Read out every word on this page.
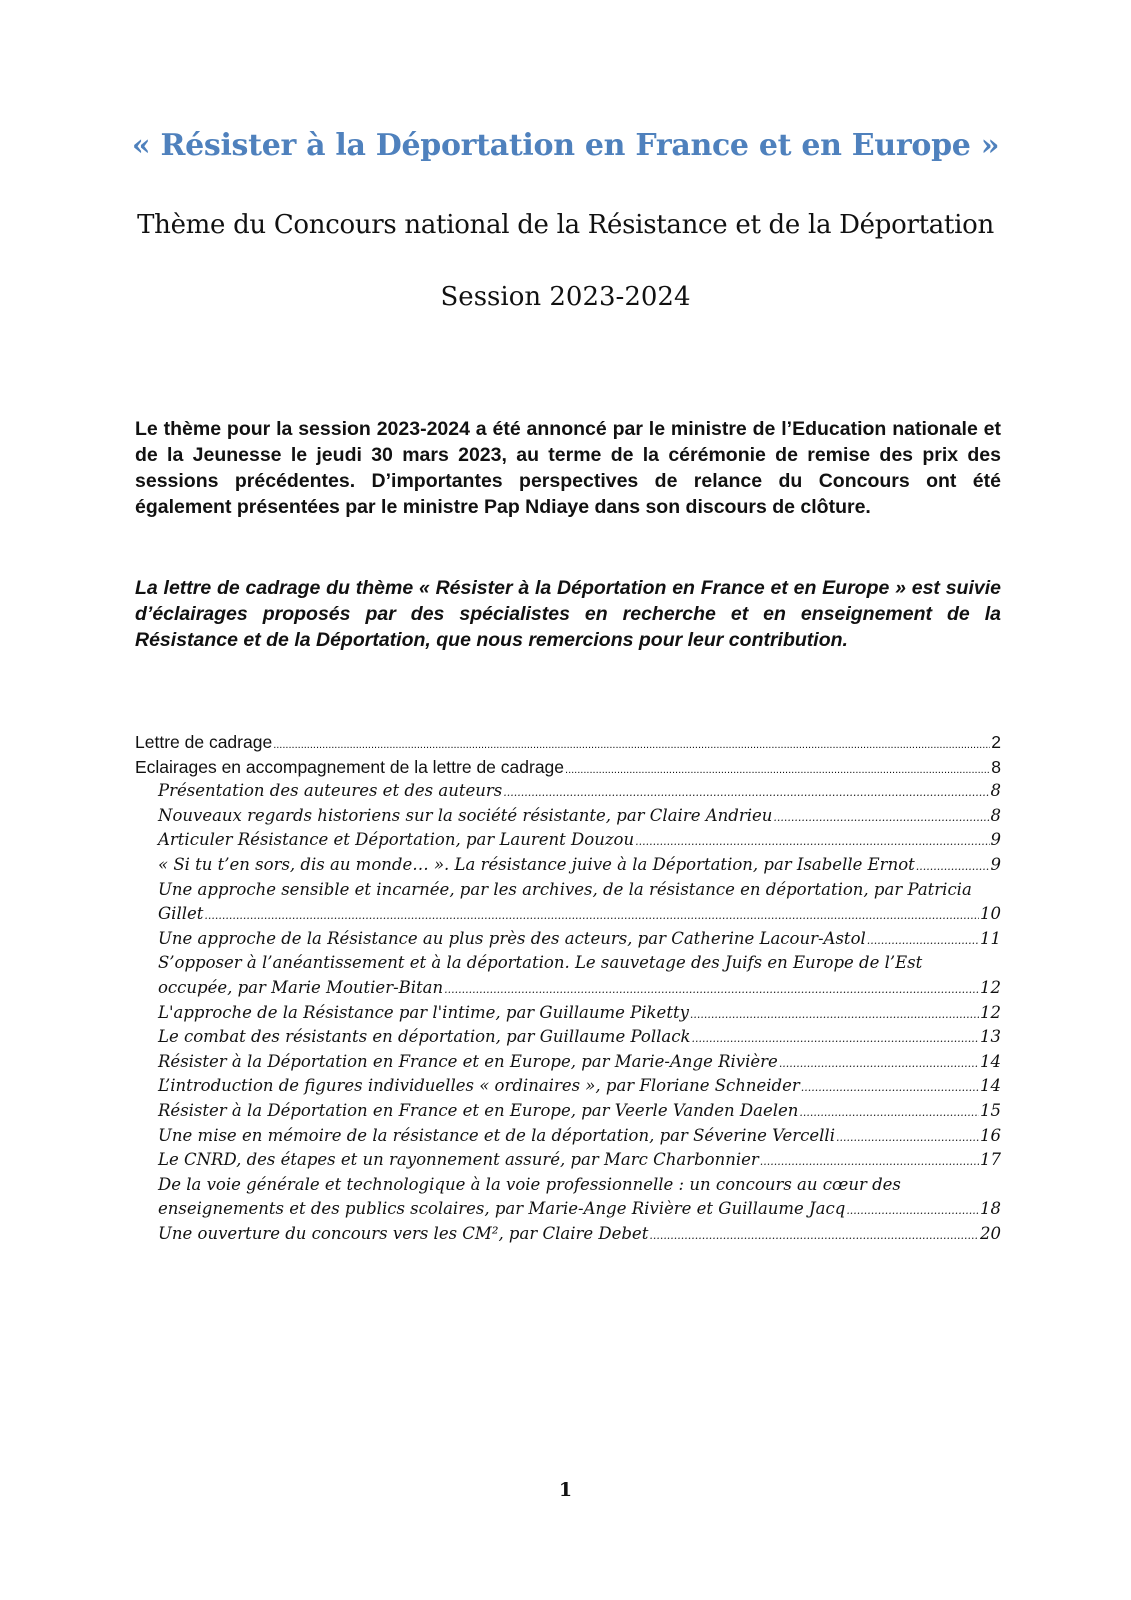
« Résister à la Déportation en France et en Europe »
Thème du Concours national de la Résistance et de la Déportation
Session 2023-2024

Le thème pour la session 2023-2024 a été annoncé par le ministre de l’Education nationale et de la Jeunesse le jeudi 30 mars 2023, au terme de la cérémonie de remise des prix des sessions précédentes. D’importantes perspectives de relance du Concours ont été également présentées par le ministre Pap Ndiaye dans son discours de clôture.

La lettre de cadrage du thème « Résister à la Déportation en France et en Europe » est suivie d’éclairages proposés par des spécialistes en recherche et en enseignement de la Résistance et de la Déportation, que nous remercions pour leur contribution.

Lettre de cadrage .....	2
Eclairages en accompagnement de la lettre de cadrage .....	8
Présentation des auteures et des auteurs .....	8
Nouveaux regards historiens sur la société résistante, par Claire Andrieu .....	8
Articuler Résistance et Déportation, par Laurent Douzou .....	9
« Si tu t’en sors, dis au monde… ». La résistance juive à la Déportation, par Isabelle Ernot .....	9
Une approche sensible et incarnée, par les archives, de la résistance en déportation, par Patricia
Gillet .....	10
Une approche de la Résistance au plus près des acteurs, par Catherine Lacour-Astol .....	11
S’opposer à l’anéantissement et à la déportation. Le sauvetage des Juifs en Europe de l’Est
occupée, par Marie Moutier-Bitan .....	12
L'approche de la Résistance par l'intime, par Guillaume Piketty .....	12
Le combat des résistants en déportation, par Guillaume Pollack .....	13
Résister à la Déportation en France et en Europe, par Marie-Ange Rivière .....	14
L’introduction de figures individuelles « ordinaires », par Floriane Schneider .....	14
Résister à la Déportation en France et en Europe, par Veerle Vanden Daelen .....	15
Une mise en mémoire de la résistance et de la déportation, par Séverine Vercelli .....	16
Le CNRD, des étapes et un rayonnement assuré, par Marc Charbonnier .....	17
De la voie générale et technologique à la voie professionnelle : un concours au cœur des
enseignements et des publics scolaires, par Marie-Ange Rivière et Guillaume Jacq .....	18
Une ouverture du concours vers les CM², par Claire Debet .....	20
1
